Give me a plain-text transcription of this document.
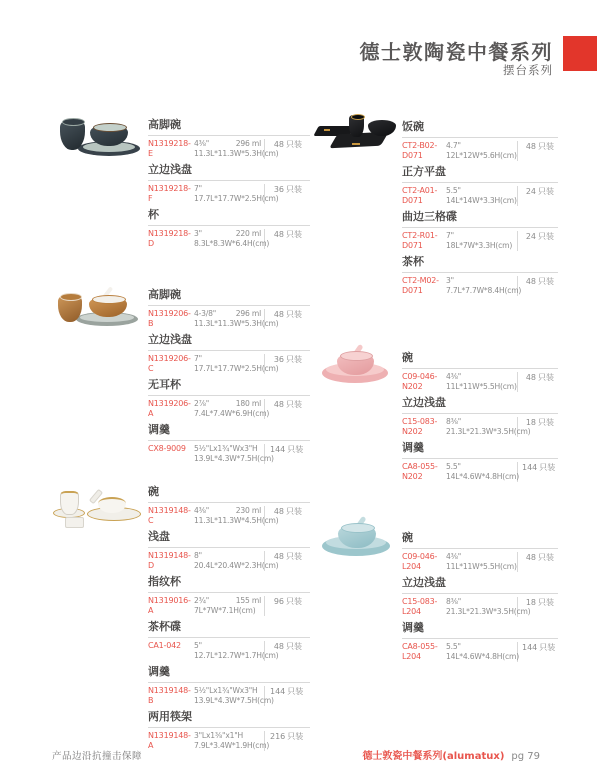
德士敦陶瓷中餐系列
摆台系列
高脚碗
N1319218-E
4⅜"	296 ml
11.3L*11.3W*5.3H(cm)
48 只装
立边浅盘
N1319218-F
7"
17.7L*17.7W*2.5H(cm)
36 只装
杯
N1319218-D
3"	220 ml
8.3L*8.3W*6.4H(cm)
48 只装
高脚碗
N1319206-B
4-3/8"	296 ml
11.3L*11.3W*5.3H(cm)
48 只装
立边浅盘
N1319206-C
7"
17.7L*17.7W*2.5H(cm)
36 只装
无耳杯
N1319206-A
2⅞"	180 ml
7.4L*7.4W*6.9H(cm)
48 只装
调羹
CX8-9009	5½"Lx1¾"Wx3"H
13.9L*4.3W*7.5H(cm)
144 只装
碗
N1319148-C
4⅜"	230 ml
11.3L*11.3W*4.5H(cm)
48 只装
浅盘
N1319148-D
8"
20.4L*20.4W*2.3H(cm)
48 只装
指纹杯
N1319016-A
2¾"	155 ml
7L*7W*7.1H(cm)
96 只装
茶杯碟
CA1-042	5"
12.7L*12.7W*1.7H(cm)
48 只装
调羹
N1319148-B
5½"Lx1¾"Wx3"H
13.9L*4.3W*7.5H(cm)
144 只装
两用筷架
N1319148-A
3"Lx1⅜"x1"H
7.9L*3.4W*1.9H(cm)
216 只装
饭碗
CT2-B02-
D071
4.7"
12L*12W*5.6H(cm)
48 只装
正方平盘
CT2-A01-
D071
5.5"
14L*14W*3.3H(cm)
24 只装
曲边三格碟
CT2-R01-
D071
7"
18L*7W*3.3H(cm)
24 只装
茶杯
CT2-M02-
D071
3"
7.7L*7.7W*8.4H(cm)
48 只装
碗
C09-046-
N202
4⅜"
11L*11W*5.5H(cm)
48 只装
立边浅盘
C15-083-
N202
8⅜"
21.3L*21.3W*3.5H(cm)
18 只装
调羹
CA8-055-
N202
5.5"
14L*4.6W*4.8H(cm)
144 只装
碗
C09-046-
L204
4⅜"
11L*11W*5.5H(cm)
48 只装
立边浅盘
C15-083-
L204
8⅜"
21.3L*21.3W*3.5H(cm)
18 只装
调羹
CA8-055-
L204
5.5"
14L*4.6W*4.8H(cm)
144 只装
产品边沿抗撞击保障	德士敦瓷中餐系列(alumatux) pg 79
